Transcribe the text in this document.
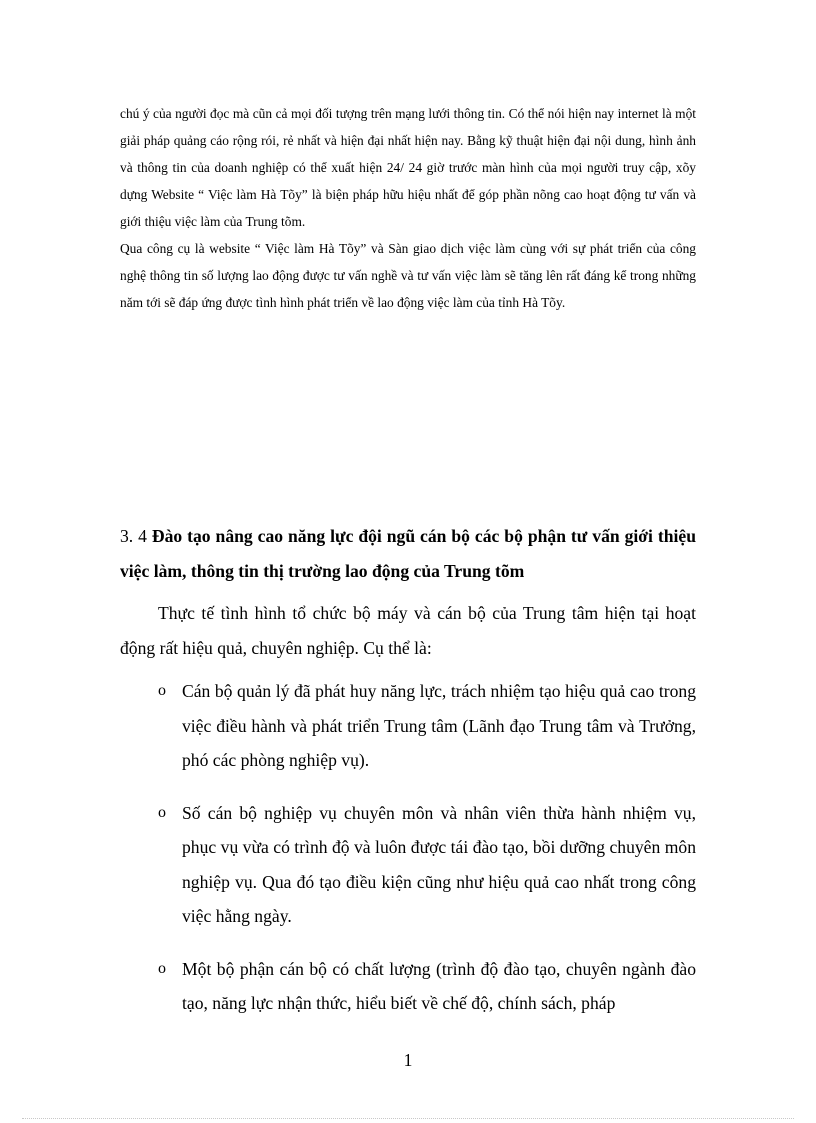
chú ý của người đọc mà cũn cả mọi đối tượng trên mạng lưới thông tin. Có thể nói hiện nay internet là một giải pháp quảng cáo rộng rói, rẻ nhất và hiện đại nhất hiện nay. Bằng kỹ thuật hiện đại nội dung, hình ảnh và thông tin của doanh nghiệp có thể xuất hiện 24/ 24 giờ trước màn hình của mọi người truy cập, xõy dựng Website “ Việc làm Hà Tõy” là biện pháp hữu hiệu nhất để góp phần nõng cao hoạt động tư vấn và giới thiệu việc làm của Trung tõm.

Qua công cụ là website “ Việc làm Hà Tõy” và Sàn giao dịch việc làm cùng với sự phát triển của công nghệ thông tin số lượng lao động được tư vấn nghề và tư vấn việc làm sẽ tăng lên rất đáng kể trong những năm tới sẽ đáp ứng được tình hình phát triển về lao động việc làm của tỉnh Hà Tõy.

3. 4 Đào tạo nâng cao năng lực đội ngũ cán bộ các bộ phận tư vấn giới thiệu việc làm, thông tin thị trường lao động của Trung tõm

Thực tế tình hình tổ chức bộ máy và cán bộ của Trung tâm hiện tại hoạt động rất hiệu quả, chuyên nghiệp. Cụ thể là:

o Cán bộ quản lý đã phát huy năng lực, trách nhiệm tạo hiệu quả cao trong việc điều hành và phát triển Trung tâm (Lãnh đạo Trung tâm và Trưởng, phó các phòng nghiệp vụ).
o Số cán bộ nghiệp vụ chuyên môn và nhân viên thừa hành nhiệm vụ, phục vụ vừa có trình độ và luôn được tái đào tạo, bồi dưỡng chuyên môn nghiệp vụ. Qua đó tạo điều kiện cũng như hiệu quả cao nhất trong công việc hằng ngày.
o Một bộ phận cán bộ có chất lượng (trình độ đào tạo, chuyên ngành đào tạo, năng lực nhận thức, hiểu biết về chế độ, chính sách, pháp
1
